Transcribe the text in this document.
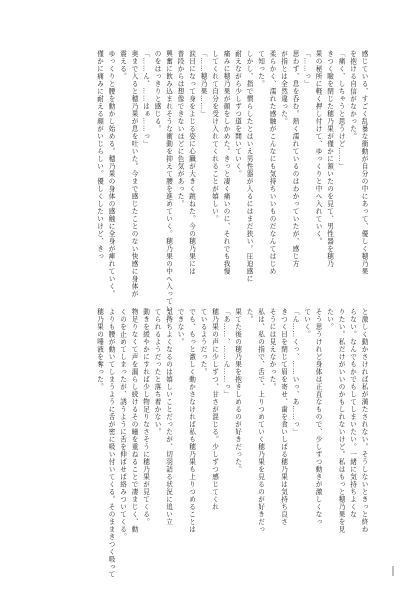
感じている、すごく乱暴な衝動が自分の中にあって、優しく穂乃果
を抱ける自信がなかった。
「痛く、しちゃうと思うけど……」
きつく瞼を閉じた穂乃果が僅かに頷いたのを見て、男性器を穂乃
果の秘所に軽く押し付けて、ゆっくりと中へ入れていく。
「……っ」
思わず、息を呑む。熱く濡れているのはわかっていたが、感じ方
が指とは全然違った。
柔らかく、濡れた感触がこんなにも気持ちいいものだなんてはじめ
て知った。
しかし、指で慣らしたとはいえ男性器が入るにはまだ狭い。圧迫感に
耐えながら少しずつ道を開いていく。
痛みに穂乃果が顔をしかめた。きっと凄く痛いのに、それでも我慢
してくれて自分を受け入れてくれることが嬉しい。
「……穂乃果……」
涙目になって身をよじる姿に心臓が大きく跳ねた。今の穂乃果には
普段からは想像できないほどに色気があった。
興奮に飲み込まれそうな衝動を抑えて腰を進めていく。穂乃果の中へ入っていく
のをはっきりと感じる。
「……ん、……はぁ……っ」
奥まで入ると穂乃果が息を吐いた。今まで感じたことのない快感に身体が
震える。
ゆっくりと腰を動かし始める。穂乃果の身体の感触に全身が痺れていく。
僅かに痛みに耐える顔がいじらしい。優しくしたいけど、きっ
と激しく動かさければ私が満たされない。そうしないときっと終わ
らない。なんでもかでもしてしまいたい。一緒に気持ちよくな
りたい。私だけがいいのかもしれないけど。私はもっと穂乃果を見
たい。
そう思うけれど身体は正直なもので、少しずつ動きが激しくなっ
ていく。
「ん……くっ、……いっ、あ……っ」
きつく目を閉じて眉を寄せ、歯を食いしばる穂乃果は気持ち良さ
そうには見えなかった。
私は、私の指で、舌で、上りつめていく穂乃果を見るのが好きだっ
た。
果てた後の穂乃果を抱きしめるのが好きだった。
「あ……、……ん……っ」
穂乃果の声に少しずつ、甘さが混じる。少しずつ感じてくれ
ているようだった。
でも、もっと激しく動かさなければ私も穂乃果も上りつめることは
できない。
気持ちよくなるのは嬉しいことだったが、切羽詰る状況に追い立
てられるようだったと落ち着かない。
動きを緩やかにすれば少し物足りなさそうに穂乃果が見てくる。
物足りなくて声を漏らし続けるその瞳を重ねることで凄まじく、動
くのを止めてしまったが、誘うように舌を伸ばせば絡みついてくる。
よりも腰が動いてしまうように舌が密に吸い付いてくる。そのままきつく吸って
穂乃果の唾液を奪った。
